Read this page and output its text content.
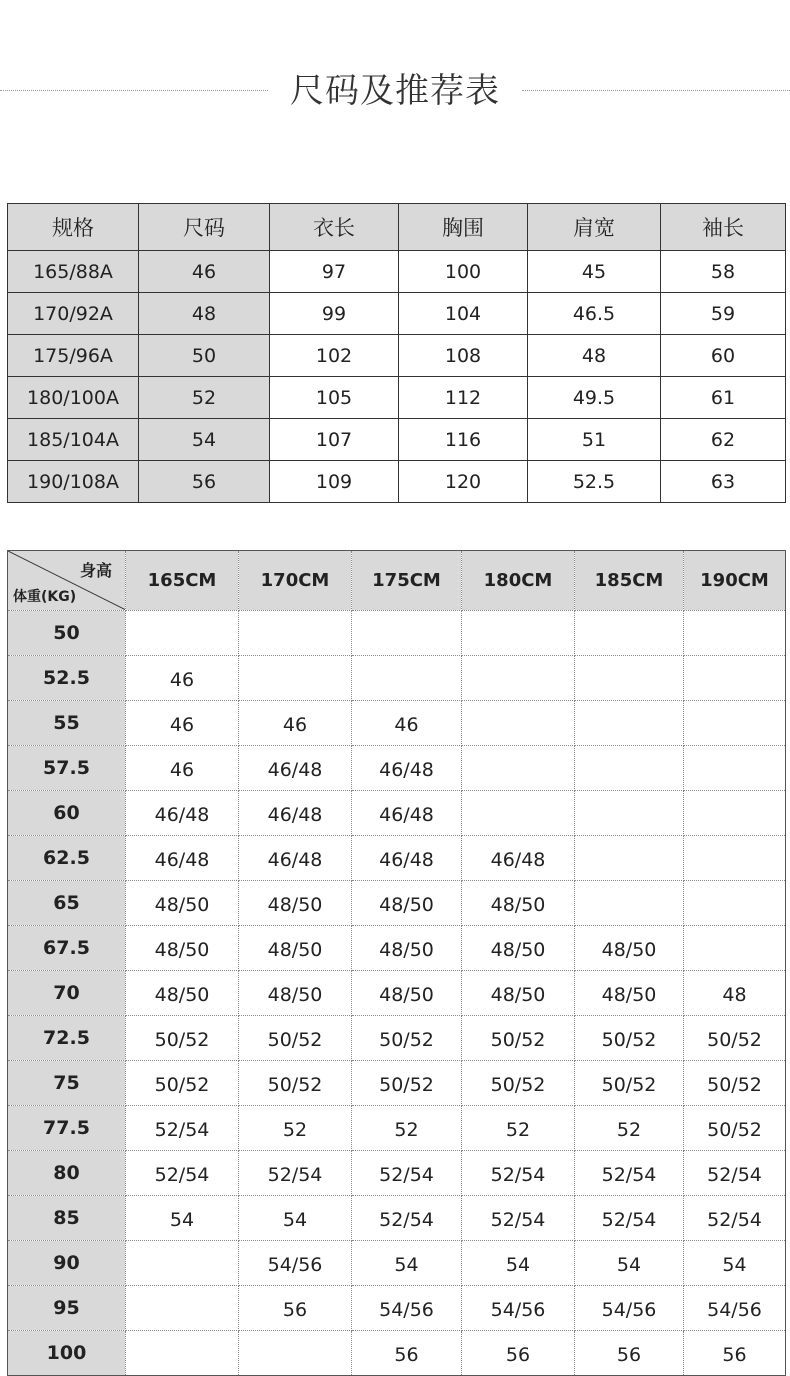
尺码及推荐表
规格	尺码	衣长	胸围	肩宽	袖长
165/88A	46	97	100	45	58
170/92A	48	99	104	46.5	59
175/96A	50	102	108	48	60
180/100A	52	105	112	49.5	61
185/104A	54	107	116	51	62
190/108A	56	109	120	52.5	63
身高
体重(KG)	165CM	170CM	175CM	180CM	185CM	190CM
50						
52.5	46					
55	46	46	46			
57.5	46	46/48	46/48			
60	46/48	46/48	46/48			
62.5	46/48	46/48	46/48	46/48		
65	48/50	48/50	48/50	48/50		
67.5	48/50	48/50	48/50	48/50	48/50	
70	48/50	48/50	48/50	48/50	48/50	48
72.5	50/52	50/52	50/52	50/52	50/52	50/52
75	50/52	50/52	50/52	50/52	50/52	50/52
77.5	52/54	52	52	52	52	50/52
80	52/54	52/54	52/54	52/54	52/54	52/54
85	54	54	52/54	52/54	52/54	52/54
90		54/56	54	54	54	54
95		56	54/56	54/56	54/56	54/56
100			56	56	56	56
